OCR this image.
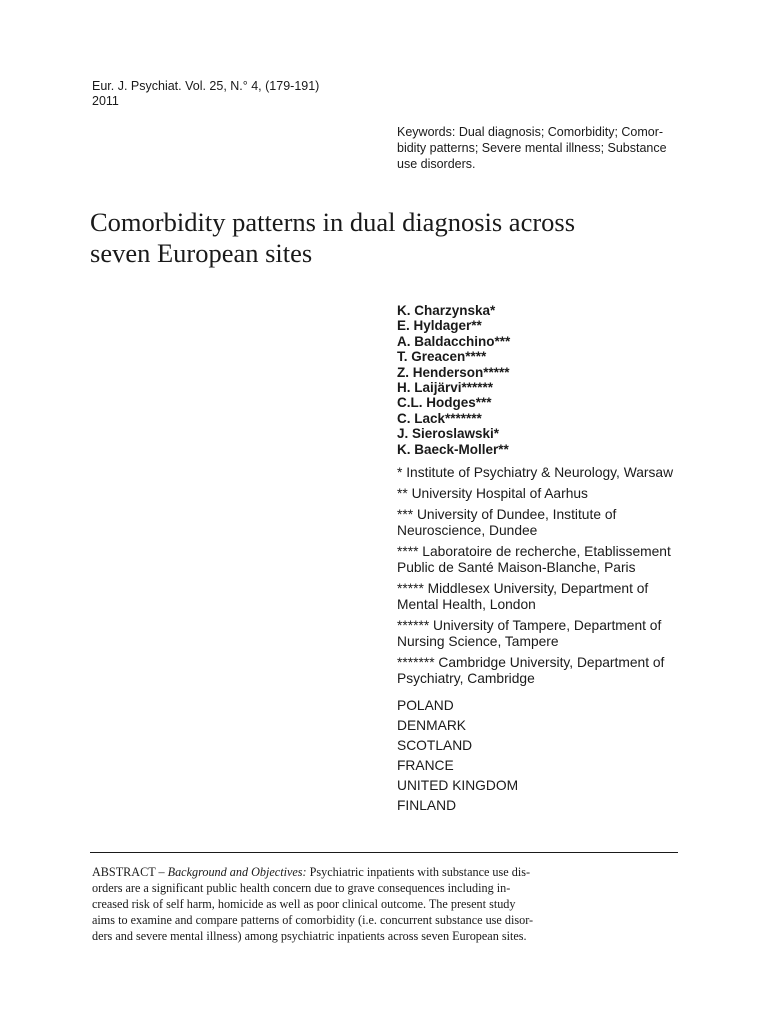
Eur. J. Psychiat. Vol. 25, N.° 4, (179-191)
2011
Keywords: Dual diagnosis; Comorbidity; Comor-
bidity patterns; Severe mental illness; Substance
use disorders.
Comorbidity patterns in dual diagnosis across
seven European sites
K. Charzynska*
E. Hyldager**
A. Baldacchino***
T. Greacen****
Z. Henderson*****
H. Laijärvi******
C.L. Hodges***
C. Lack*******
J. Sieroslawski*
K. Baeck-Moller**
* Institute of Psychiatry & Neurology, Warsaw
** University Hospital of Aarhus
*** University of Dundee, Institute of
Neuroscience, Dundee
**** Laboratoire de recherche, Etablissement
Public de Santé Maison-Blanche, Paris
***** Middlesex University, Department of
Mental Health, London
****** University of Tampere, Department of
Nursing Science, Tampere
******* Cambridge University, Department of
Psychiatry, Cambridge
POLAND
DENMARK
SCOTLAND
FRANCE
UNITED KINGDOM
FINLAND
ABSTRACT – Background and Objectives: Psychiatric inpatients with substance use dis-
orders are a significant public health concern due to grave consequences including in-
creased risk of self harm, homicide as well as poor clinical outcome. The present study
aims to examine and compare patterns of comorbidity (i.e. concurrent substance use disor-
ders and severe mental illness) among psychiatric inpatients across seven European sites.
